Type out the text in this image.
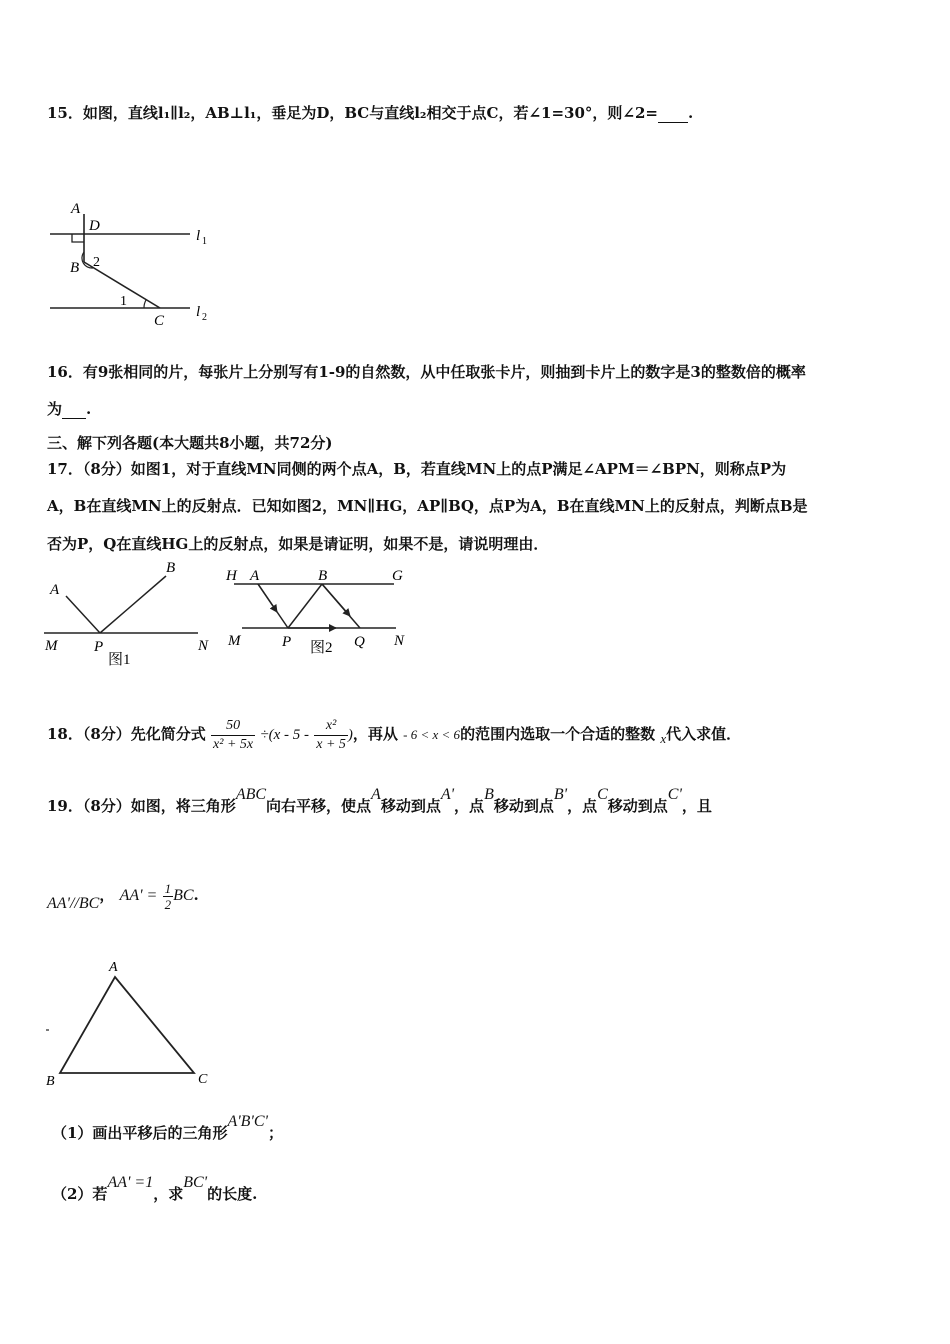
15．如图，直线l₁∥l₂，AB⊥l₁，垂足为D，BC与直线l₂相交于点C，若∠1=30°，则∠2= .
A
D
B 2
1
C
l 1
l 2
16．有9张相同的片，每张片上分别写有1-9的自然数，从中任取张卡片，则抽到卡片上的数字是3的整数倍的概率
为 .
三、解下列各题(本大题共8小题，共72分)
17．（8分）如图1，对于直线MN同侧的两个点A，B，若直线MN上的点P满足∠APM＝∠BPN，则称点P为
A，B在直线MN上的反射点．已知如图2，MN∥HG，AP∥BQ，点P为A，B在直线MN上的反射点，判断点B是
否为P，Q在直线HG上的反射点，如果是请证明，如果不是，请说明理由．
A
B
M P	N
图1
H A	B	G
M	P 图2 Q N
18．（8分）先化简分式 $\frac{50}{\text{x² + 5x}} \div(x - 5 - \frac{\text{x²}}{x + 5}$ )，再从 - 6 < x < 6的范围内选取一个合适的整数 x代入求值．
19．（8分）如图，将三角形ABC向右平移，使点A移动到点A'，点B移动到点B'，点C移动到点C'，且
AA'//BC， $AA' = \frac{1}{2}$ BC.
A
B	C
（1）画出平移后的三角形A'B'C'；
（2）若AA' =1，求BC'的长度.
